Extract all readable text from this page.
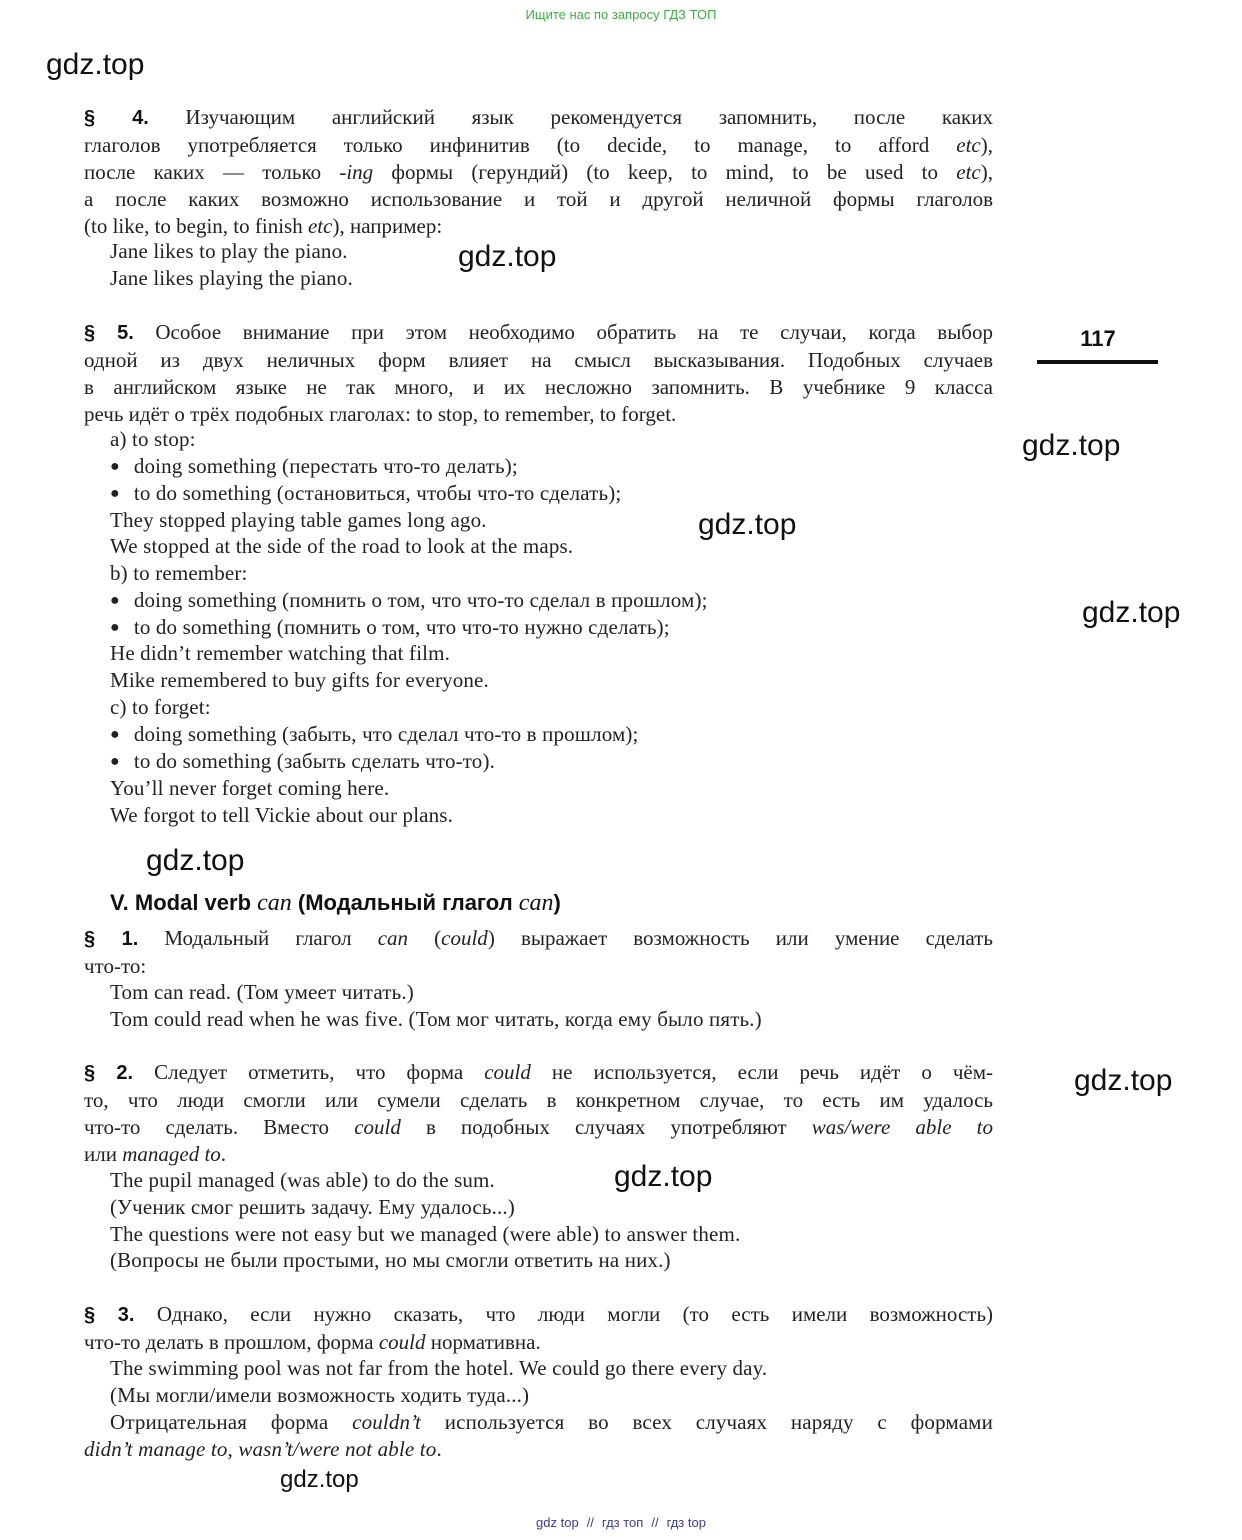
Ищите нас по запросу ГДЗ ТОП
gdz.top
gdz.top
gdz.top
gdz.top
gdz.top
gdz.top
gdz.top
gdz.top
gdz.top
117
§ 4. Изучающим английский язык рекомендуется запомнить, после каких
глаголов употребляется только инфинитив (to decide, to manage, to afford etc),
после каких — только -ing формы (герундий) (to keep, to mind, to be used to etc),
а после каких возможно использование и той и другой неличной формы глаголов
(to like, to begin, to finish etc), например:
Jane likes to play the piano.
Jane likes playing the piano.
§ 5. Особое внимание при этом необходимо обратить на те случаи, когда выбор
одной из двух неличных форм влияет на смысл высказывания. Подобных случаев
в английском языке не так много, и их несложно запомнить. В учебнике 9 класса
речь идёт о трёх подобных глаголах: to stop, to remember, to forget.
a) to stop:
● doing something (перестать что-то делать);
● to do something (остановиться, чтобы что-то сделать);
They stopped playing table games long ago.
We stopped at the side of the road to look at the maps.
b) to remember:
● doing something (помнить о том, что что-то сделал в прошлом);
● to do something (помнить о том, что что-то нужно сделать);
He didn’t remember watching that film.
Mike remembered to buy gifts for everyone.
c) to forget:
● doing something (забыть, что сделал что-то в прошлом);
● to do something (забыть сделать что-то).
You’ll never forget coming here.
We forgot to tell Vickie about our plans.
V. Modal verb can (Модальный глагол can)
§ 1. Модальный глагол can (could) выражает возможность или умение сделать
что-то:
Tom can read. (Том умеет читать.)
Tom could read when he was five. (Том мог читать, когда ему было пять.)
§ 2. Следует отметить, что форма could не используется, если речь идёт о чём-
то, что люди смогли или сумели сделать в конкретном случае, то есть им удалось
что-то сделать. Вместо could в подобных случаях употребляют was/were able to
или managed to.
The pupil managed (was able) to do the sum.
(Ученик смог решить задачу. Ему удалось...)
The questions were not easy but we managed (were able) to answer them.
(Вопросы не были простыми, но мы смогли ответить на них.)
§ 3. Однако, если нужно сказать, что люди могли (то есть имели возможность)
что-то делать в прошлом, форма could нормативна.
The swimming pool was not far from the hotel. We could go there every day.
(Мы могли/имели возможность ходить туда...)
Отрицательная форма couldn’t используется во всех случаях наряду с формами
didn’t manage to, wasn’t/were not able to.
gdz top // гдз топ // гдз top
